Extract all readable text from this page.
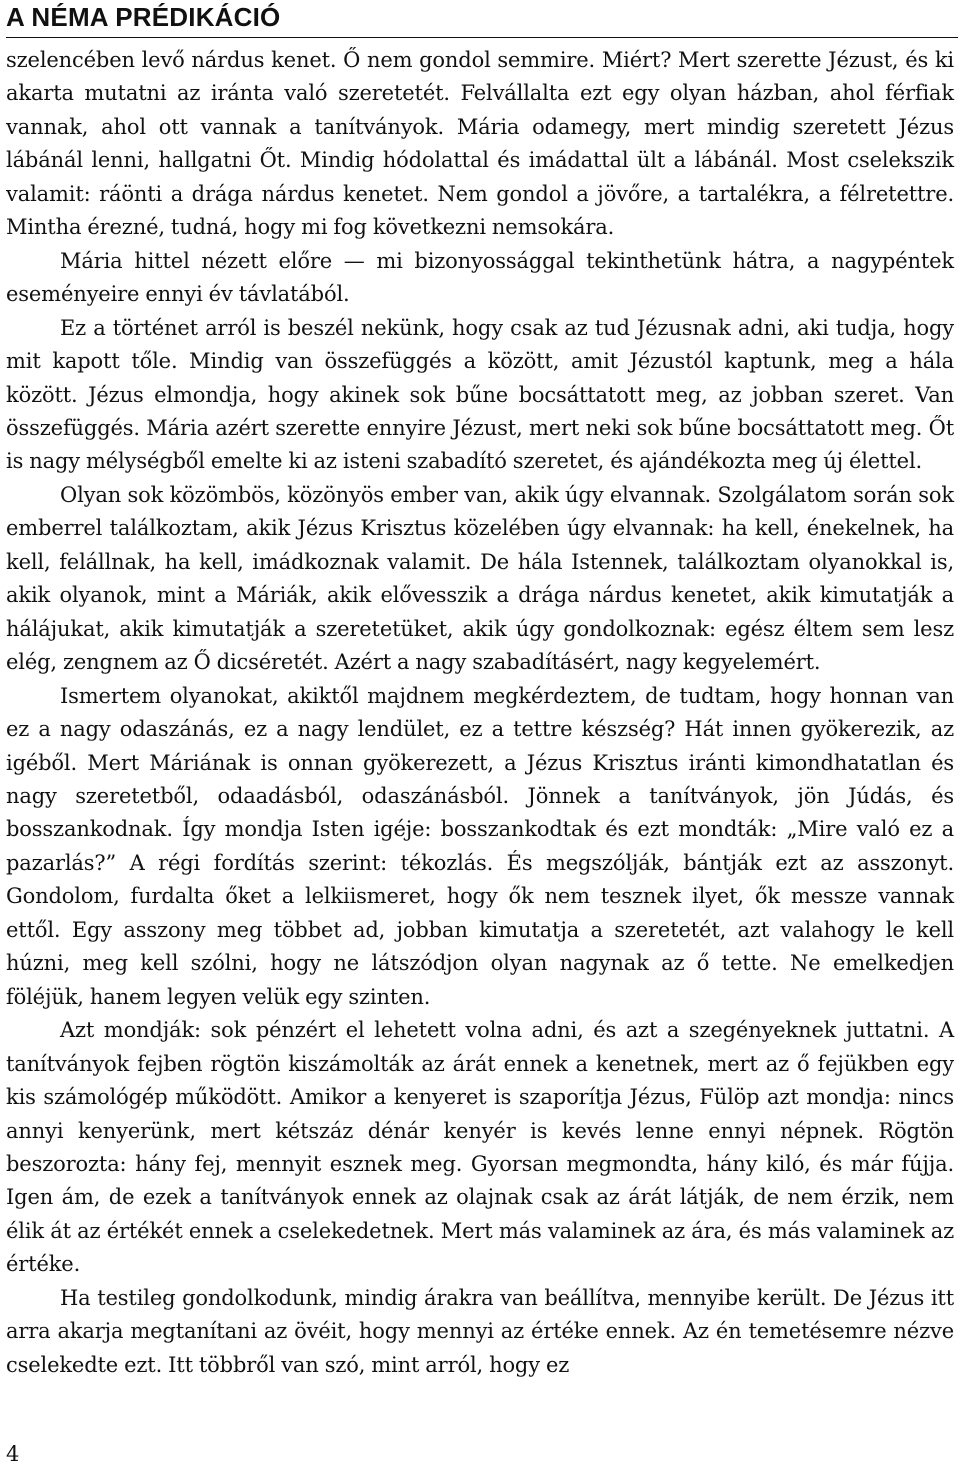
A NÉMA PRÉDIKÁCIÓ

szelencében levő nárdus kenet. Ő nem gondol semmire. Miért? Mert szerette Jézust, és ki akarta mutatni az iránta való szeretetét. Felvállalta ezt egy olyan házban, ahol férfiak vannak, ahol ott vannak a tanítványok. Mária odamegy, mert mindig szeretett Jézus lábánál lenni, hallgatni Őt. Mindig hódolattal és imádattal ült a lábánál. Most cselekszik valamit: ráönti a drága nárdus kenetet. Nem gondol a jövőre, a tartalékra, a félretettre. Mintha érezné, tudná, hogy mi fog következni nemsokára.

Mária hittel nézett előre — mi bizonyossággal tekinthetünk hátra, a nagypéntek eseményeire ennyi év távlatából.

Ez a történet arról is beszél nekünk, hogy csak az tud Jézusnak adni, aki tudja, hogy mit kapott tőle. Mindig van összefüggés a között, amit Jézustól kaptunk, meg a hála között. Jézus elmondja, hogy akinek sok bűne bocsáttatott meg, az jobban szeret. Van összefüggés. Mária azért szerette ennyire Jézust, mert neki sok bűne bocsáttatott meg. Őt is nagy mélységből emelte ki az isteni szabadító szeretet, és ajándékozta meg új élettel.

Olyan sok közömbös, közönyös ember van, akik úgy elvannak. Szolgálatom során sok emberrel találkoztam, akik Jézus Krisztus közelében úgy elvannak: ha kell, énekelnek, ha kell, felállnak, ha kell, imádkoznak valamit. De hála Istennek, találkoztam olyanokkal is, akik olyanok, mint a Máriák, akik elővesszik a drága nárdus kenetet, akik kimutatják a hálájukat, akik kimutatják a szeretetüket, akik úgy gondolkoznak: egész éltem sem lesz elég, zengnem az Ő dicséretét. Azért a nagy szabadításért, nagy kegyelemért.

Ismertem olyanokat, akiktől majdnem megkérdeztem, de tudtam, hogy honnan van ez a nagy odaszánás, ez a nagy lendület, ez a tettre készség? Hát innen gyökerezik, az igéből. Mert Máriának is onnan gyökerezett, a Jézus Krisztus iránti kimondhatatlan és nagy szeretetből, odaadásból, odaszánásból. Jönnek a tanítványok, jön Júdás, és bosszankodnak. Így mondja Isten igéje: bosszankodtak és ezt mondták: „Mire való ez a pazarlás?” A régi fordítás szerint: tékozlás. És megszólják, bántják ezt az asszonyt. Gondolom, furdalta őket a lelkiismeret, hogy ők nem tesznek ilyet, ők messze vannak ettől. Egy asszony meg többet ad, jobban kimutatja a szeretetét, azt valahogy le kell húzni, meg kell szólni, hogy ne látszódjon olyan nagynak az ő tette. Ne emelkedjen föléjük, hanem legyen velük egy szinten.

Azt mondják: sok pénzért el lehetett volna adni, és azt a szegényeknek juttatni. A tanítványok fejben rögtön kiszámolták az árát ennek a kenetnek, mert az ő fejükben egy kis számológép működött. Amikor a kenyeret is szaporítja Jézus, Fülöp azt mondja: nincs annyi kenyerünk, mert kétszáz dénár kenyér is kevés lenne ennyi népnek. Rögtön beszorozta: hány fej, mennyit esznek meg. Gyorsan megmondta, hány kiló, és már fújja. Igen ám, de ezek a tanítványok ennek az olajnak csak az árát látják, de nem érzik, nem élik át az értékét ennek a cselekedetnek. Mert más valaminek az ára, és más valaminek az értéke.

Ha testileg gondolkodunk, mindig árakra van beállítva, mennyibe került. De Jézus itt arra akarja megtanítani az övéit, hogy mennyi az értéke ennek. Az én temetésemre nézve cselekedte ezt. Itt többről van szó, mint arról, hogy ez

4
